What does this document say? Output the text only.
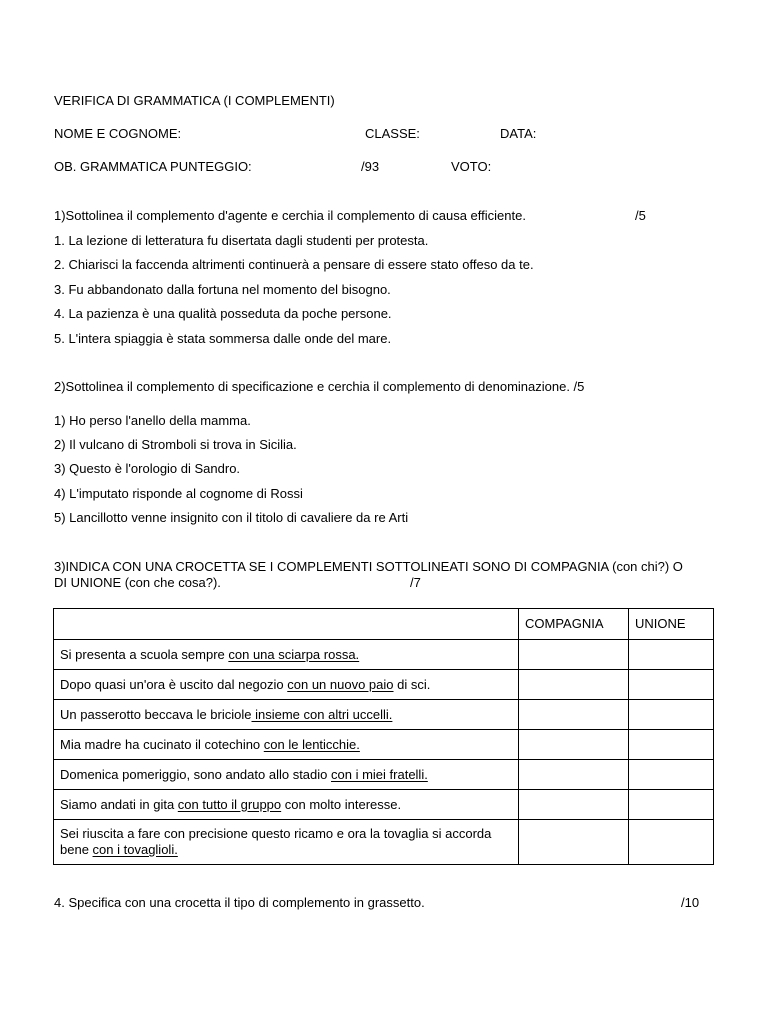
VERIFICA DI GRAMMATICA (I COMPLEMENTI)
NOME E COGNOME:	CLASSE:	DATA:
OB. GRAMMATICA PUNTEGGIO:	/93	VOTO:
1)Sottolinea il complemento d'agente e cerchia il complemento di causa efficiente.	/5
1. La lezione di letteratura fu disertata dagli studenti per protesta.
2. Chiarisci la faccenda altrimenti continuerà a pensare di essere stato offeso da te.
3. Fu abbandonato dalla fortuna nel momento del bisogno.
4. La pazienza è una qualità posseduta da poche persone.
5. L'intera spiaggia è stata sommersa dalle onde del mare.
2)Sottolinea il complemento di specificazione e cerchia il complemento di denominazione. /5
1) Ho perso l'anello della mamma.
2) Il vulcano di Stromboli si trova in Sicilia.
3) Questo è l'orologio di Sandro.
4) L'imputato risponde al cognome di Rossi
5) Lancillotto venne insignito con il titolo di cavaliere da re Arti
3)INDICA CON UNA CROCETTA SE I COMPLEMENTI SOTTOLINEATI SONO DI COMPAGNIA (con chi?) O
DI UNIONE (con che cosa?).	/7
	COMPAGNIA	UNIONE
Si presenta a scuola sempre con una sciarpa rossa.		
Dopo quasi un'ora è uscito dal negozio con un nuovo paio di sci.		
Un passerotto beccava le briciole insieme con altri uccelli.		
Mia madre ha cucinato il cotechino con le lenticchie.		
Domenica pomeriggio, sono andato allo stadio con i miei fratelli.		
Siamo andati in gita con tutto il gruppo con molto interesse.		
Sei riuscita a fare con precisione questo ricamo e ora la tovaglia si accorda bene con i tovaglioli.		
4. Specifica con una crocetta il tipo di complemento in grassetto.	/10
